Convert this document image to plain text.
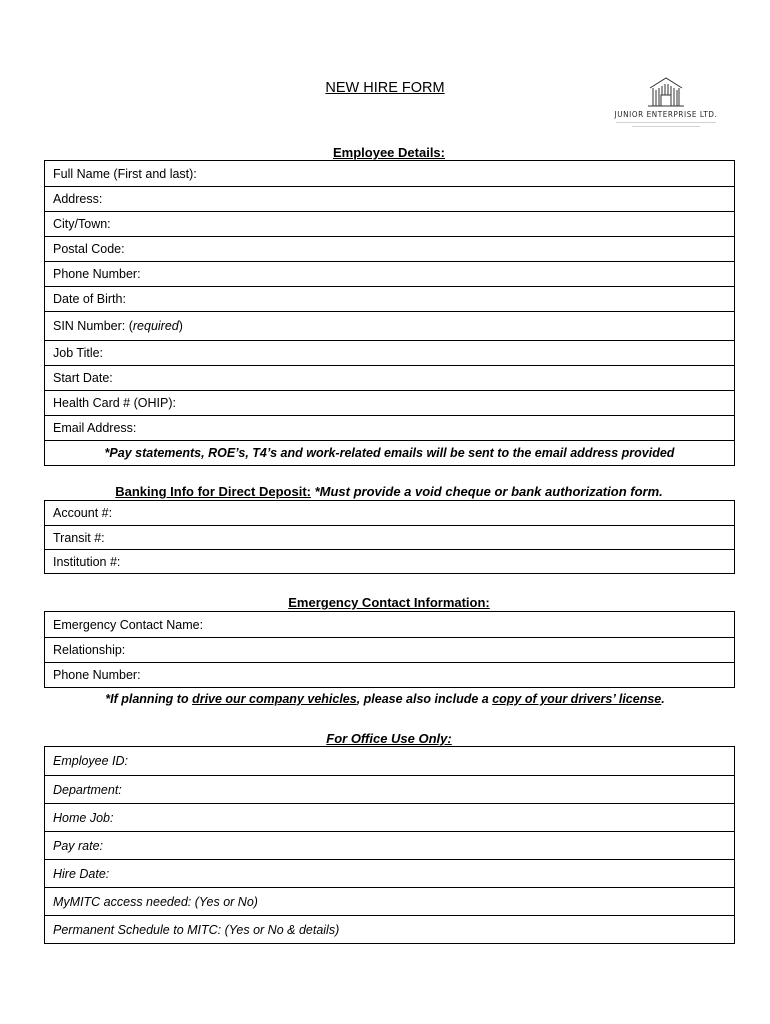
NEW HIRE FORM
JUNIOR ENTERPRISE LTD.
Employee Details:
Full Name (First and last):
Address:
City/Town:
Postal Code:
Phone Number:
Date of Birth:
SIN Number: ( required )
Job Title:
Start Date:
Health Card # (OHIP):
Email Address:
*Pay statements, ROE’s, T4’s and work-related emails will be sent to the email address provided
Banking Info for Direct Deposit: *Must provide a void cheque or bank authorization form.
Account #:
Transit #:
Institution #:
Emergency Contact Information:
Emergency Contact Name:
Relationship:
Phone Number:
*If planning to drive our company vehicles, please also include a copy of your drivers’ license.
For Office Use Only:
Employee ID:
Department:
Home Job:
Pay rate:
Hire Date:
MyMITC access needed: (Yes or No)
Permanent Schedule to MITC: (Yes or No & details)
